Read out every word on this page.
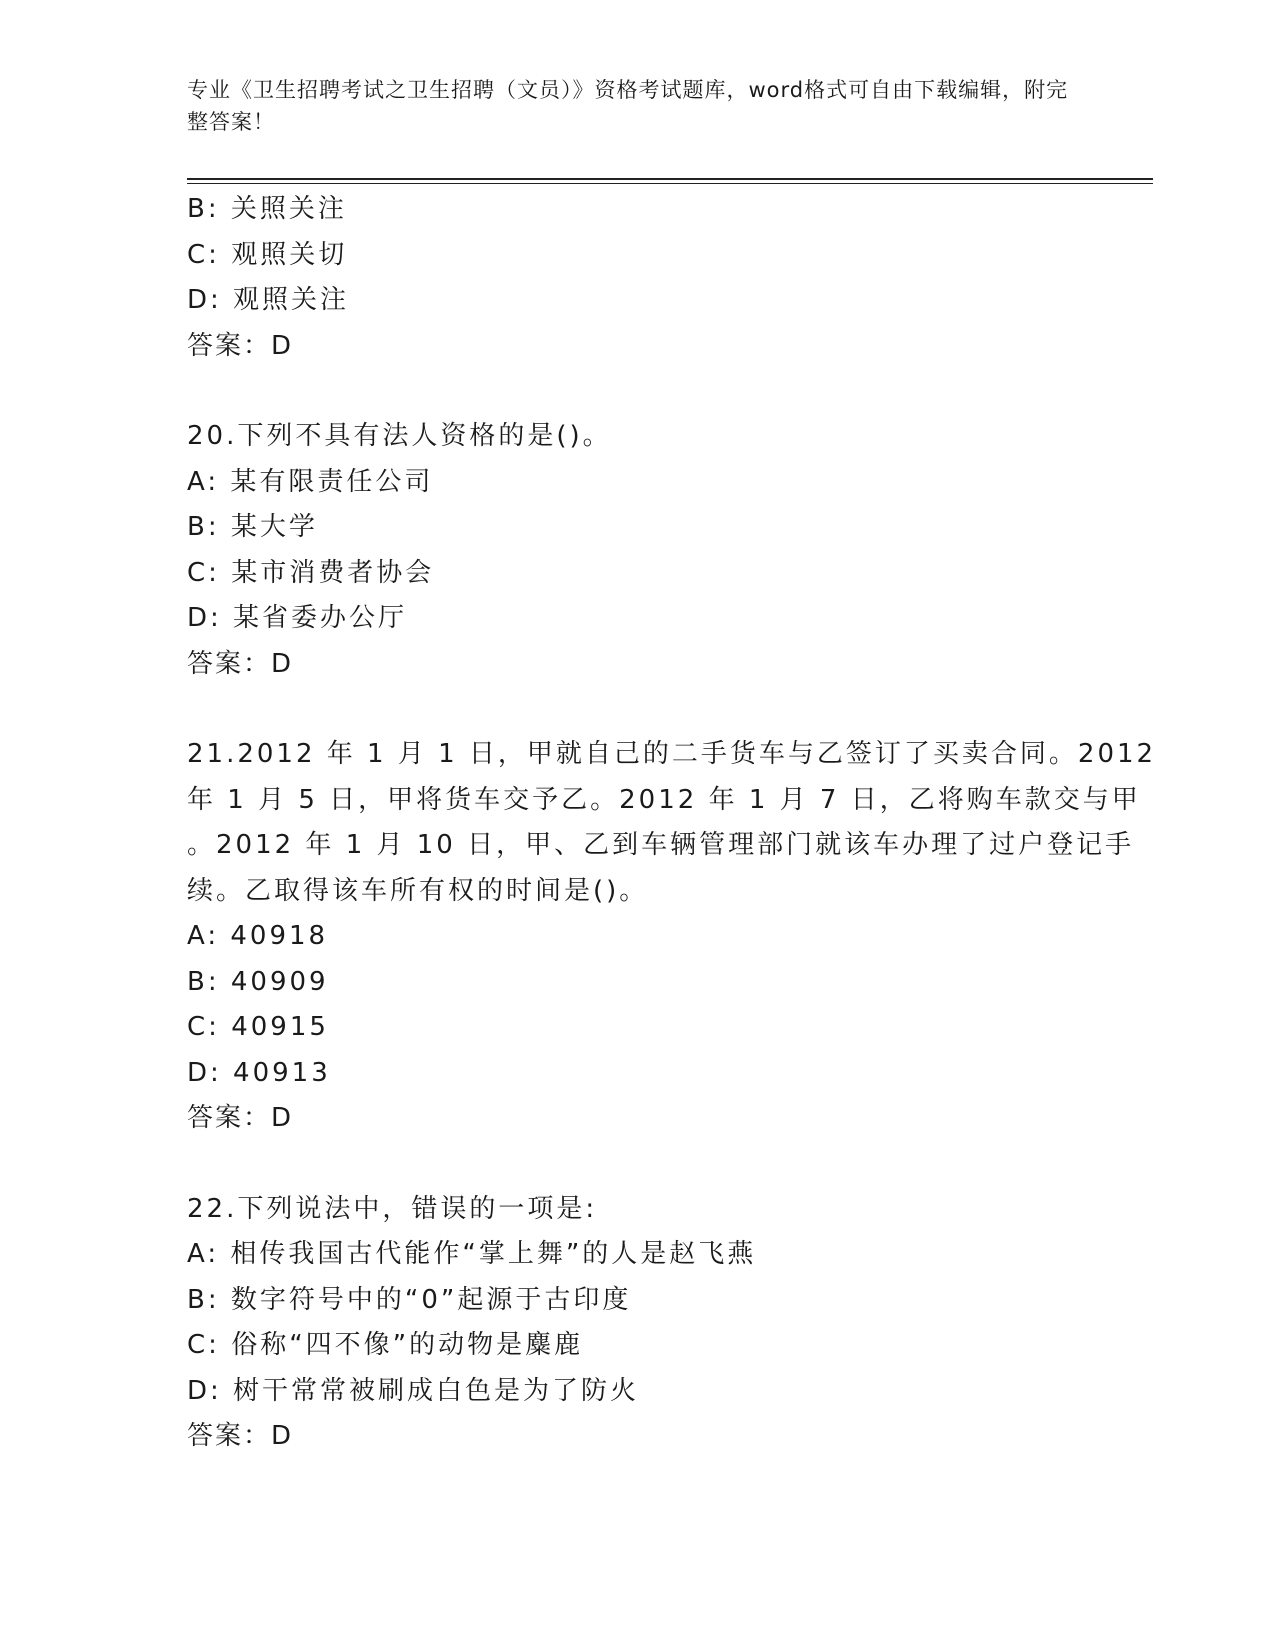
专业《卫生招聘考试之卫生招聘（文员）》资格考试题库，word格式可自由下载编辑，附完整答案！
B: 关照关注
C: 观照关切
D: 观照关注
答案：D
20.下列不具有法人资格的是()。
A: 某有限责任公司
B: 某大学
C: 某市消费者协会
D: 某省委办公厅
答案：D
21.2012 年 1 月 1 日，甲就自己的二手货车与乙签订了买卖合同。2012
年 1 月 5 日，甲将货车交予乙。2012 年 1 月 7 日，乙将购车款交与甲
。2012 年 1 月 10 日，甲、乙到车辆管理部门就该车办理了过户登记手
续。乙取得该车所有权的时间是()。
A: 40918
B: 40909
C: 40915
D: 40913
答案：D
22.下列说法中，错误的一项是:
A: 相传我国古代能作“掌上舞”的人是赵飞燕
B: 数字符号中的“0”起源于古印度
C: 俗称“四不像”的动物是麋鹿
D: 树干常常被刷成白色是为了防火
答案：D
